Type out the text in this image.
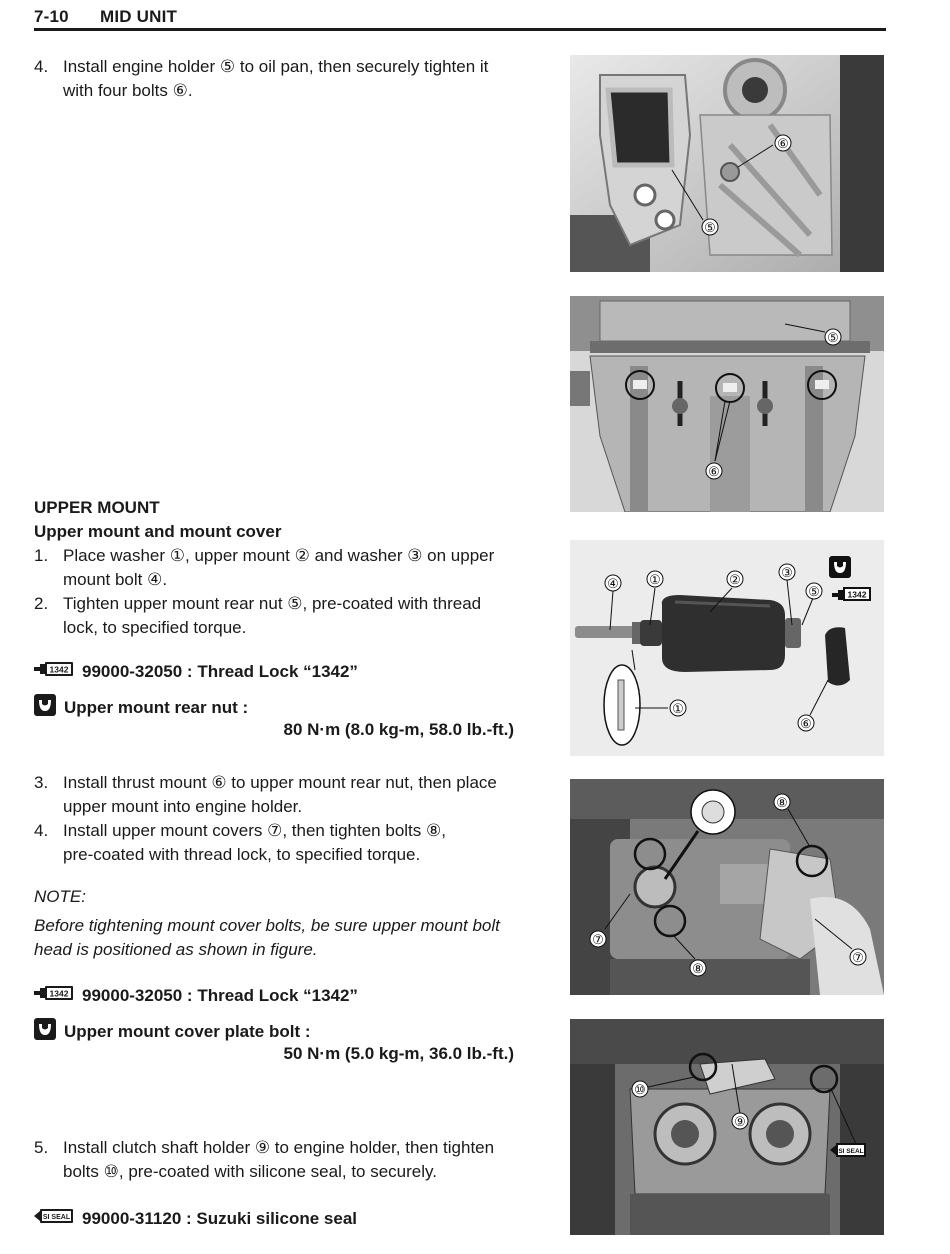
7-10 MID UNIT
4. Install engine holder ⑤ to oil pan, then securely tighten it
with four bolts ⑥.
UPPER MOUNT
Upper mount and mount cover
1. Place washer ①, upper mount ② and washer ③ on upper
mount bolt ④.
2. Tighten upper mount rear nut ⑤, pre-coated with thread
lock, to specified torque.
1342 99000-32050 : Thread Lock “1342”
Upper mount rear nut :
80 N·m (8.0 kg-m, 58.0 lb.-ft.)
3. Install thrust mount ⑥ to upper mount rear nut, then place
upper mount into engine holder.
4. Install upper mount covers ⑦, then tighten bolts ⑧,
pre-coated with thread lock, to specified torque.
NOTE:
Before tightening mount cover bolts, be sure upper mount bolt
head is positioned as shown in figure.
1342 99000-32050 : Thread Lock “1342”
Upper mount cover plate bolt :
50 N·m (5.0 kg-m, 36.0 lb.-ft.)
5. Install clutch shaft holder ⑨ to engine holder, then tighten
bolts ⑩, pre-coated with silicone seal, to securely.
SI SEAL 99000-31120 : Suzuki silicone seal
⑥
⑤
⑤
⑥
④ ①	②	③
⑤
①
⑥
1342
⑧
⑦
⑧
⑦
⑩
⑨
SI SEAL
